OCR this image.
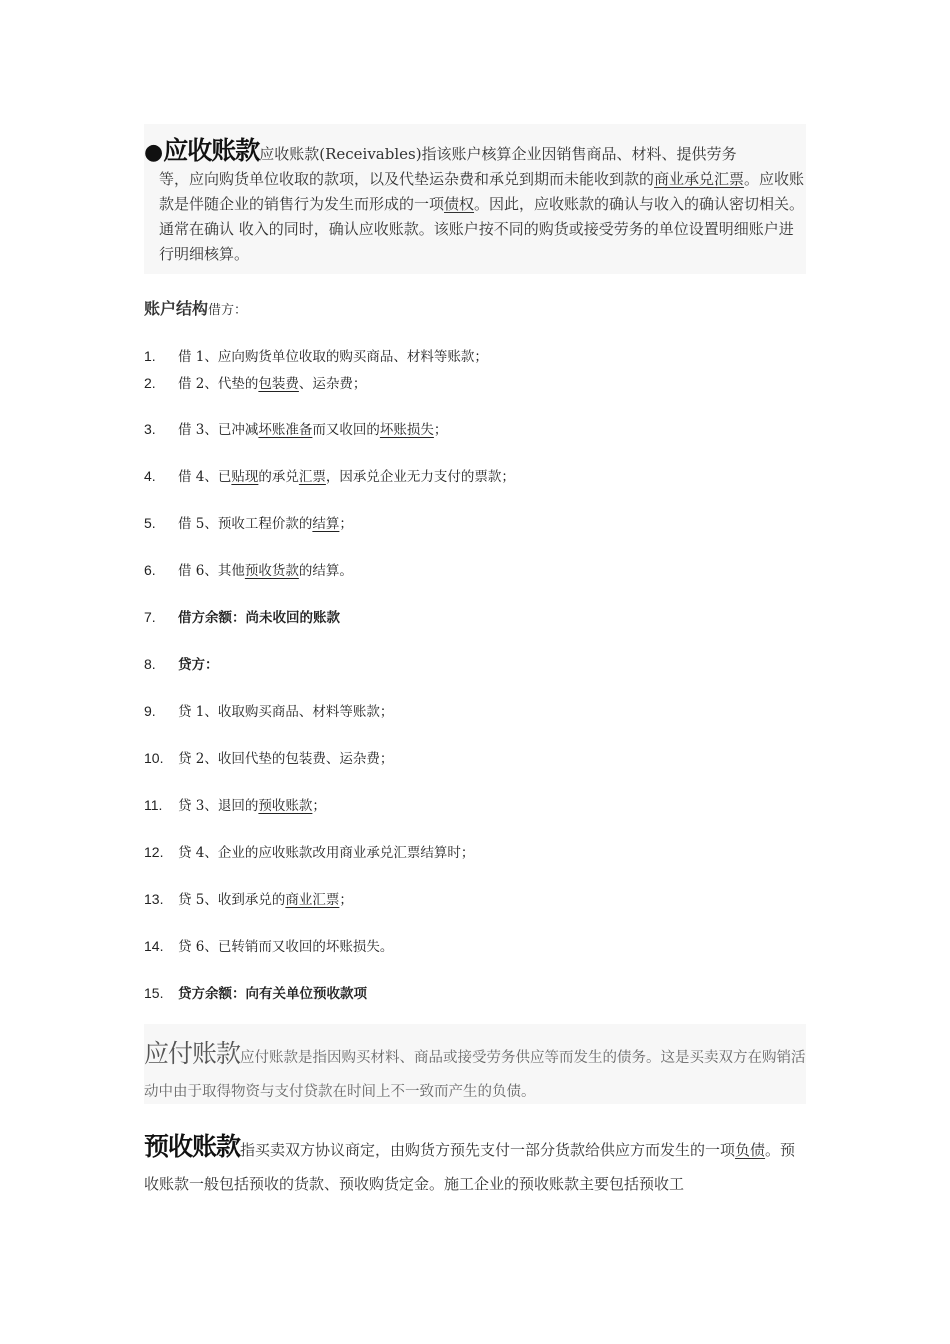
●应收账款应收账款(Receivables)指该账户核算企业因销售商品、材料、提供劳务
等，应向购货单位收取的款项，以及代垫运杂费和承兑到期而未能收到款的商业承兑汇票。应收账款是伴随企业的销售行为发生而形成的一项债权。因此，应收账款的确认与收入的确认密切相关。通常在确认 收入的同时，确认应收账款。该账户按不同的购货或接受劳务的单位设置明细账户进行明细核算。
账户结构借方：
1. 借 1、应向购货单位收取的购买商品、材料等账款；
2. 借 2、代垫的包装费、运杂费；
3. 借 3、已冲减坏账准备而又收回的坏账损失；
4. 借 4、已贴现的承兑汇票，因承兑企业无力支付的票款；
5. 借 5、预收工程价款的结算；
6. 借 6、其他预收货款的结算。
7. 借方余额：尚未收回的账款
8. 贷方：
9. 贷 1、收取购买商品、材料等账款；
10. 贷 2、收回代垫的包装费、运杂费；
11. 贷 3、退回的预收账款；
12. 贷 4、企业的应收账款改用商业承兑汇票结算时；
13. 贷 5、收到承兑的商业汇票；
14. 贷 6、已转销而又收回的坏账损失。
15. 贷方余额：向有关单位预收款项
应付账款应付账款是指因购买材料、商品或接受劳务供应等而发生的债务。这是买卖双方在购销活动中由于取得物资与支付贷款在时间上不一致而产生的负债。
预收账款指买卖双方协议商定，由购货方预先支付一部分货款给供应方而发生的一项负债。预收账款一般包括预收的货款、预收购货定金。施工企业的预收账款主要包括预收工
